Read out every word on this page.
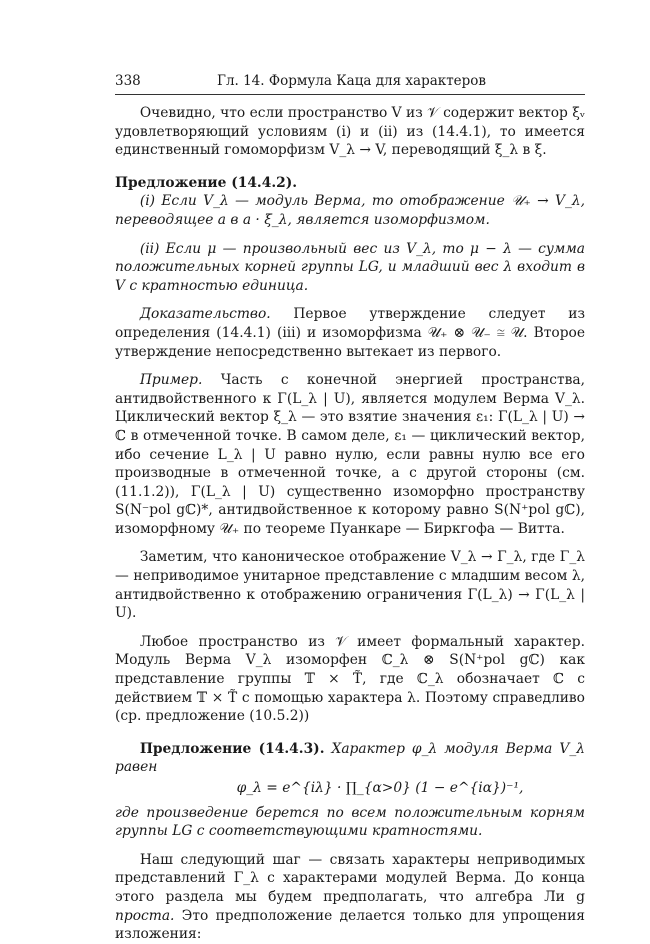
338	Гл. 14. Формула Каца для характеров

Очевидно, что если пространство V из 𝒱 содержит вектор ξᵥ удовлетворяющий условиям (i) и (ii) из (14.4.1), то имеется единственный гомоморфизм V_λ → V, переводящий ξ_λ в ξ.

Предложение (14.4.2).

(i) Если V_λ — модуль Верма, то отображение 𝒰₊ → V_λ, переводящее a в a · ξ_λ, является изоморфизмом.

(ii) Если μ — произвольный вес из V_λ, то μ − λ — сумма положительных корней группы LG, и младший вес λ входит в V с кратностью единица.

Доказательство. Первое утверждение следует из определения (14.4.1) (iii) и изоморфизма 𝒰₊ ⊗ 𝒰₋ ≅ 𝒰. Второе утверждение непосредственно вытекает из первого.

Пример. Часть с конечной энергией пространства, антидвойственного к Γ(L_λ | U), является модулем Верма V_λ. Циклический вектор ξ_λ — это взятие значения ε₁: Γ(L_λ | U) → ℂ в отмеченной точке. В самом деле, ε₁ — циклический вектор, ибо сечение L_λ | U равно нулю, если равны нулю все его производные в отмеченной точке, а с другой стороны (см. (11.1.2)), Γ(L_λ | U) существенно изоморфно пространству S(N⁻pol gℂ)*, антидвойственное к которому равно S(N⁺pol gℂ), изоморфному 𝒰₊ по теореме Пуанкаре — Биркгофа — Витта.

Заметим, что каноническое отображение V_λ → Γ_λ, где Γ_λ — неприводимое унитарное представление с младшим весом λ, антидвойственно к отображению ограничения Γ(L_λ) → Γ(L_λ | U).

Любое пространство из 𝒱 имеет формальный характер. Модуль Верма V_λ изоморфен ℂ_λ ⊗ S(N⁺pol gℂ) как представление группы 𝕋 × T̃, где ℂ_λ обозначает ℂ с действием 𝕋 × T̃ с помощью характера λ. Поэтому справедливо (ср. предложение (10.5.2))

Предложение (14.4.3). Характер φ_λ модуля Верма V_λ равен

φ_λ = e^{iλ} · ∏_{α>0} (1 − e^{iα})⁻¹,

где произведение берется по всем положительным корням группы LG с соответствующими кратностями.

Наш следующий шаг — связать характеры неприводимых представлений Γ_λ с характерами модулей Верма. До конца этого раздела мы будем предполагать, что алгебра Ли g проста. Это предположение делается только для упрощения изложения:
